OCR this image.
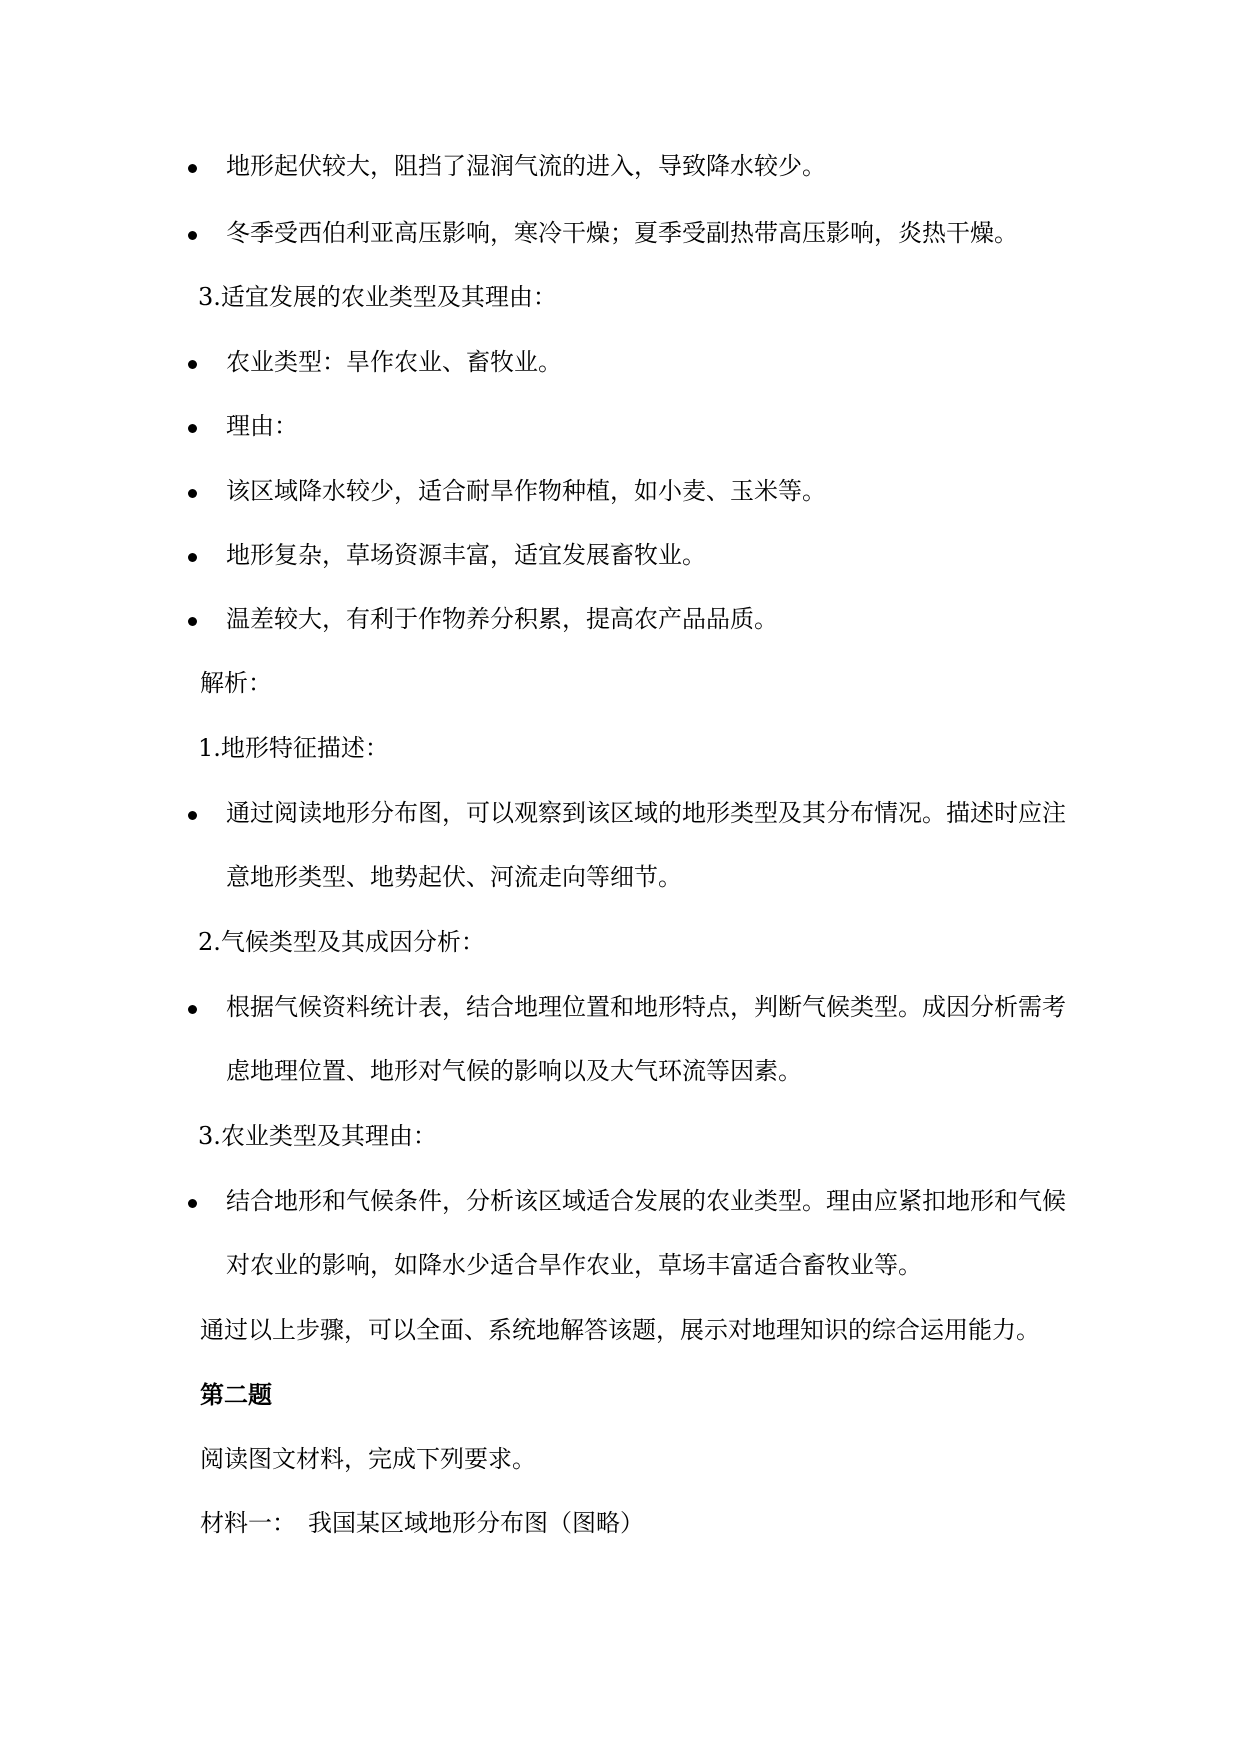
地形起伏较大，阻挡了湿润气流的进入，导致降水较少。
冬季受西伯利亚高压影响，寒冷干燥；夏季受副热带高压影响，炎热干燥。
3.适宜发展的农业类型及其理由：
农业类型：旱作农业、畜牧业。
理由：
该区域降水较少，适合耐旱作物种植，如小麦、玉米等。
地形复杂，草场资源丰富，适宜发展畜牧业。
温差较大，有利于作物养分积累，提高农产品品质。
解析：
1.地形特征描述：
通过阅读地形分布图，可以观察到该区域的地形类型及其分布情况。描述时应注
意地形类型、地势起伏、河流走向等细节。
2.气候类型及其成因分析：
根据气候资料统计表，结合地理位置和地形特点，判断气候类型。成因分析需考
虑地理位置、地形对气候的影响以及大气环流等因素。
3.农业类型及其理由：
结合地形和气候条件，分析该区域适合发展的农业类型。理由应紧扣地形和气候
对农业的影响，如降水少适合旱作农业，草场丰富适合畜牧业等。
通过以上步骤，可以全面、系统地解答该题，展示对地理知识的综合运用能力。
第二题
阅读图文材料，完成下列要求。
材料一：　我国某区域地形分布图（图略）
